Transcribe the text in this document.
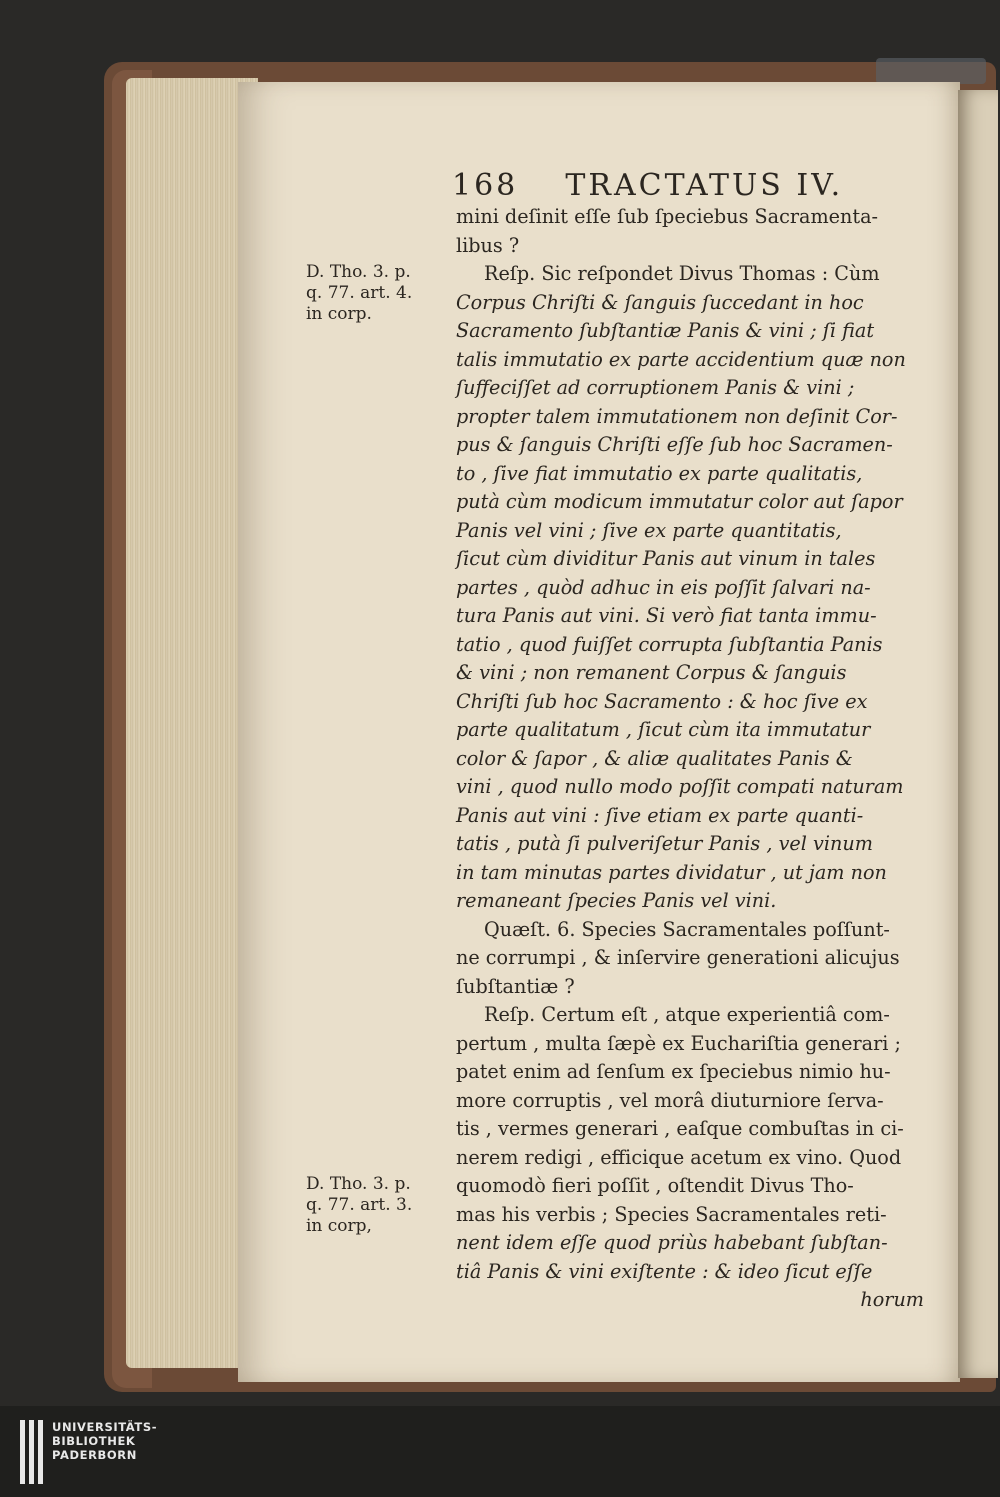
168 TRACTATUS IV.
D. Tho. 3. p.
q. 77. art. 4.
in corp.
D. Tho. 3. p.
q. 77. art. 3.
in corp,
mini deſinit eſſe ſub ſpeciebus Sacramenta-
libus ?
Reſp. Sic reſpondet Divus Thomas : Cùm
Corpus Chriſti & ſanguis ſuccedant in hoc
Sacramento ſubſtantiæ Panis & vini ; ſi fiat
talis immutatio ex parte accidentium quæ non
ſuffeciſſet ad corruptionem Panis & vini ;
propter talem immutationem non deſinit Cor-
pus & ſanguis Chriſti eſſe ſub hoc Sacramen-
to , ſive fiat immutatio ex parte qualitatis,
putà cùm modicum immutatur color aut ſapor
Panis vel vini ; ſive ex parte quantitatis,
ſicut cùm dividitur Panis aut vinum in tales
partes , quòd adhuc in eis poſſit ſalvari na-
tura Panis aut vini. Si verò fiat tanta immu-
tatio , quod fuiſſet corrupta ſubſtantia Panis
& vini ; non remanent Corpus & ſanguis
Chriſti ſub hoc Sacramento : & hoc ſive ex
parte qualitatum , ſicut cùm ita immutatur
color & ſapor , & aliæ qualitates Panis &
vini , quod nullo modo poſſit compati naturam
Panis aut vini : ſive etiam ex parte quanti-
tatis , putà ſi pulveriſetur Panis , vel vinum
in tam minutas partes dividatur , ut jam non
remaneant ſpecies Panis vel vini.
Quæſt. 6. Species Sacramentales poſſunt-
ne corrumpi , & inſervire generationi alicujus
ſubſtantiæ ?
Reſp. Certum eſt , atque experientiâ com-
pertum , multa ſæpè ex Euchariſtia generari ;
patet enim ad ſenſum ex ſpeciebus nimio hu-
more corruptis , vel morâ diuturniore ſerva-
tis , vermes generari , eaſque combuſtas in ci-
nerem redigi , efficique acetum ex vino. Quod
quomodò fieri poſſit , oſtendit Divus Tho-
mas his verbis ; Species Sacramentales reti-
nent idem eſſe quod priùs habebant ſubſtan-
tiâ Panis & vini exiſtente : & ideo ſicut eſſe
horum
UNIVERSITÄTS-
BIBLIOTHEK
PADERBORN
